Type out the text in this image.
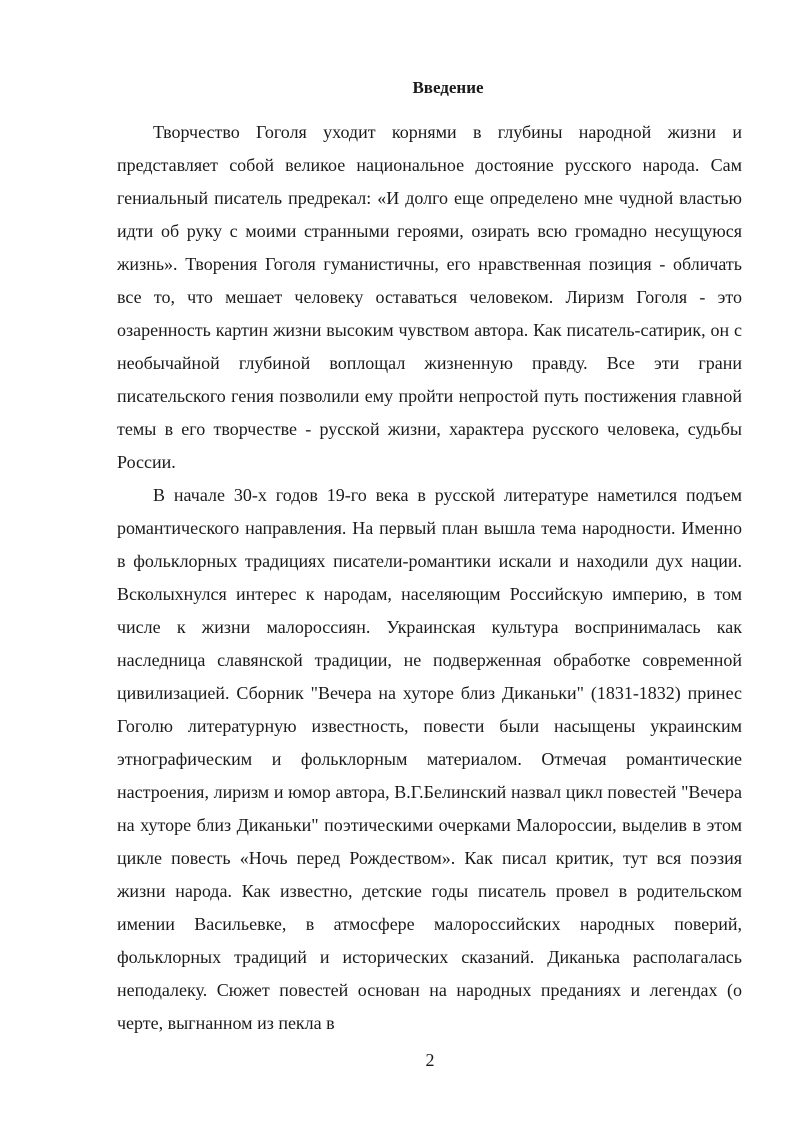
Введение

Творчество Гоголя уходит корнями в глубины народной жизни и представляет собой великое национальное достояние русского народа. Сам гениальный писатель предрекал: «И долго еще определено мне чудной властью идти об руку с моими странными героями, озирать всю громадно несущуюся жизнь». Творения Гоголя гуманистичны, его нравственная позиция - обличать все то, что мешает человеку оставаться человеком. Лиризм Гоголя - это озаренность картин жизни высоким чувством автора. Как писатель-сатирик, он с необычайной глубиной воплощал жизненную правду. Все эти грани писательского гения позволили ему пройти непростой путь постижения главной темы в его творчестве - русской жизни, характера русского человека, судьбы России.

В начале 30-х годов 19-го века в русской литературе наметился подъем романтического направления. На первый план вышла тема народности. Именно в фольклорных традициях писатели-романтики искали и находили дух нации. Всколыхнулся интерес к народам, населяющим Российскую империю, в том числе к жизни малороссиян. Украинская культура воспринималась как наследница славянской традиции, не подверженная обработке современной цивилизацией. Сборник "Вечера на хуторе близ Диканьки" (1831-1832) принес Гоголю литературную известность, повести были насыщены украинским этнографическим и фольклорным материалом. Отмечая романтические настроения, лиризм и юмор автора, В.Г.Белинский назвал цикл повестей "Вечера на хуторе близ Диканьки" поэтическими очерками Малороссии, выделив в этом цикле повесть «Ночь перед Рождеством». Как писал критик, тут вся поэзия жизни народа. Как известно, детские годы писатель провел в родительском имении Васильевке, в атмосфере малороссийских народных поверий, фольклорных традиций и исторических сказаний. Диканька располагалась неподалеку. Сюжет повестей основан на народных преданиях и легендах (о черте, выгнанном из пекла в

2
